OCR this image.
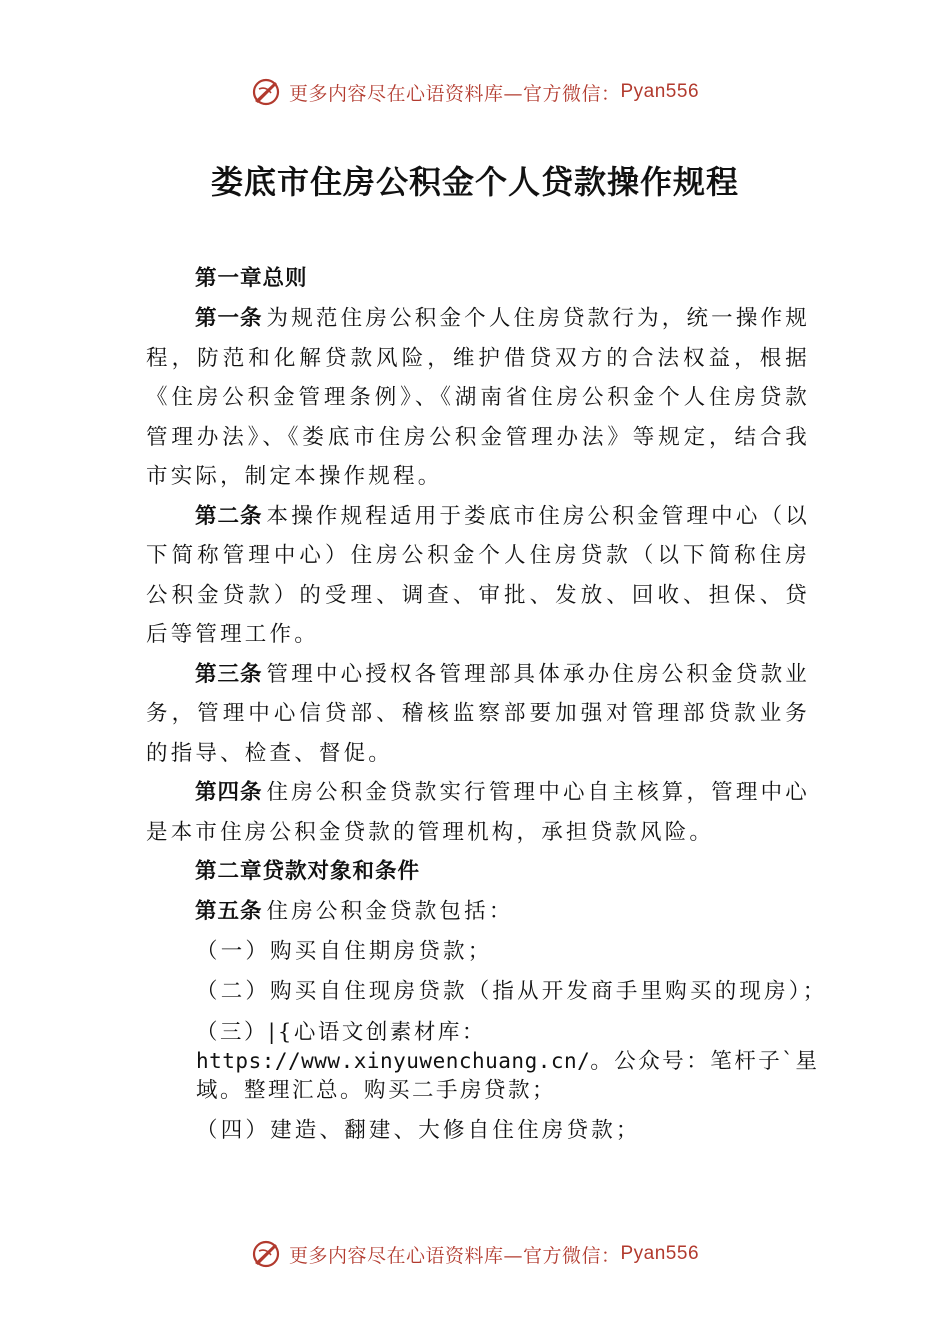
更多内容尽在心语资料库—官方微信： Pyan556
娄底市住房公积金个人贷款操作规程
第一章总则

第一条 为规范住房公积金个人住房贷款行为，统一操作规程，防范和化解贷款风险，维护借贷双方的合法权益，根据《住房公积金管理条例》、《湖南省住房公积金个人住房贷款管理办法》、《娄底市住房公积金管理办法》等规定，结合我市实际，制定本操作规程。

第二条 本操作规程适用于娄底市住房公积金管理中心（以下简称管理中心）住房公积金个人住房贷款（以下简称住房公积金贷款）的受理、调查、审批、发放、回收、担保、贷后等管理工作。

第三条 管理中心授权各管理部具体承办住房公积金贷款业务，管理中心信贷部、稽核监察部要加强对管理部贷款业务的指导、检查、督促。

第四条 住房公积金贷款实行管理中心自主核算，管理中心是本市住房公积金贷款的管理机构，承担贷款风险。

第二章贷款对象和条件

第五条 住房公积金贷款包括：

（一）购买自住期房贷款；
（二）购买自住现房贷款（指从开发商手里购买的现房）；
（三）|{心语文创素材库：https://www.xinyuwenchuang.cn/。公众号：笔杆子`星域。整理汇总。购买二手房贷款；
（四）建造、翻建、大修自住住房贷款；
更多内容尽在心语资料库—官方微信： Pyan556
